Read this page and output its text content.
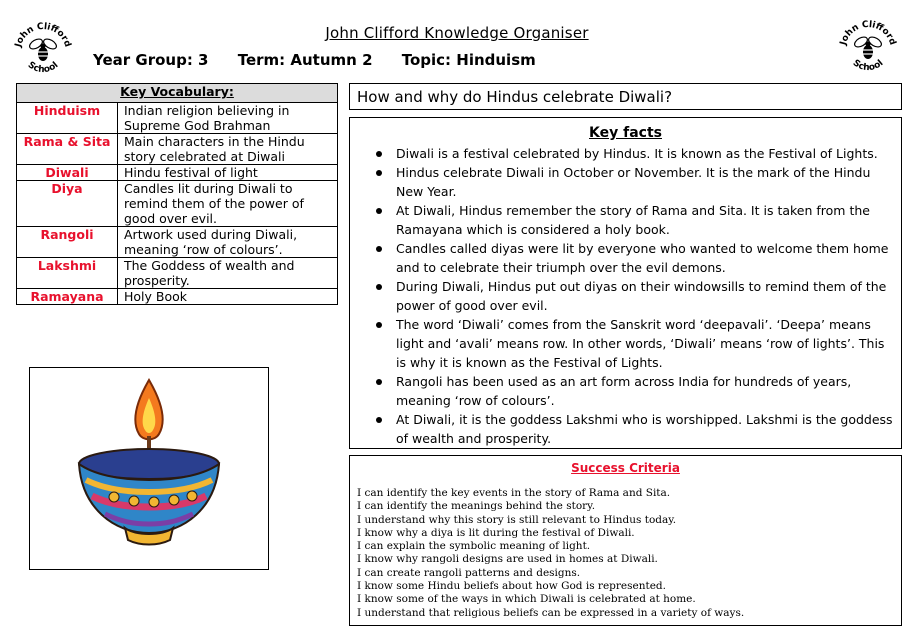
John Clifford
School
John Clifford
School
John Clifford Knowledge Organiser
Year Group: 3 Term: Autumn 2 Topic: Hinduism
Key Vocabulary:	
Hinduism	Indian religion believing in Supreme God Brahman
Rama & Sita	Main characters in the Hindu story celebrated at Diwali
Diwali	Hindu festival of light
Diya	Candles lit during Diwali to remind them of the power of good over evil.
Rangoli	Artwork used during Diwali, meaning ‘row of colours’.
Lakshmi	The Goddess of wealth and prosperity.
Ramayana	Holy Book
How and why do Hindus celebrate Diwali?
Key facts
Diwali is a festival celebrated by Hindus. It is known as the Festival of Lights.
Hindus celebrate Diwali in October or November. It is the mark of the Hindu New Year.
At Diwali, Hindus remember the story of Rama and Sita. It is taken from the Ramayana which is considered a holy book.
Candles called diyas were lit by everyone who wanted to welcome them home and to celebrate their triumph over the evil demons.
During Diwali, Hindus put out diyas on their windowsills to remind them of the power of good over evil.
The word ‘Diwali’ comes from the Sanskrit word ‘deepavali’. ‘Deepa’ means light and ‘avali’ means row. In other words, ‘Diwali’ means ‘row of lights’. This is why it is known as the Festival of Lights.
Rangoli has been used as an art form across India for hundreds of years, meaning ‘row of colours’.
At Diwali, it is the goddess Lakshmi who is worshipped. Lakshmi is the goddess of wealth and prosperity.
Success Criteria
I can identify the key events in the story of Rama and Sita.
I can identify the meanings behind the story.
I understand why this story is still relevant to Hindus today.
I know why a diya is lit during the festival of Diwali.
I can explain the symbolic meaning of light.
I know why rangoli designs are used in homes at Diwali.
I can create rangoli patterns and designs.
I know some Hindu beliefs about how God is represented.
I know some of the ways in which Diwali is celebrated at home.
I understand that religious beliefs can be expressed in a variety of ways.
